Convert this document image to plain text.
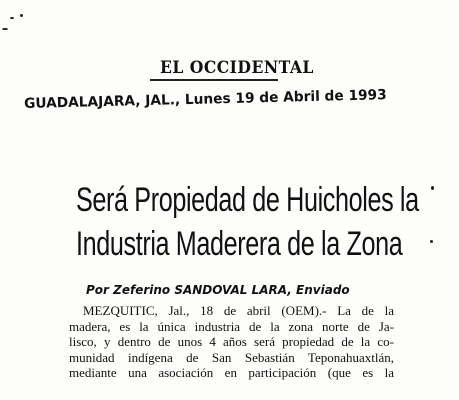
EL OCCIDENTAL
GUADALAJARA, JAL., Lunes 19 de Abril de 1993
Será Propiedad de Huicholes la
Industria Maderera de la Zona
Por Zeferino SANDOVAL LARA, Enviado
MEZQUITIC, Jal., 18 de abril (OEM).- La de la
madera, es la única industria de la zona norte de Ja-
lisco, y dentro de unos 4 años será propiedad de la co-
munidad indígena de San Sebastián Teponahuaxtlán,
mediante una asociación en participación (que es la
